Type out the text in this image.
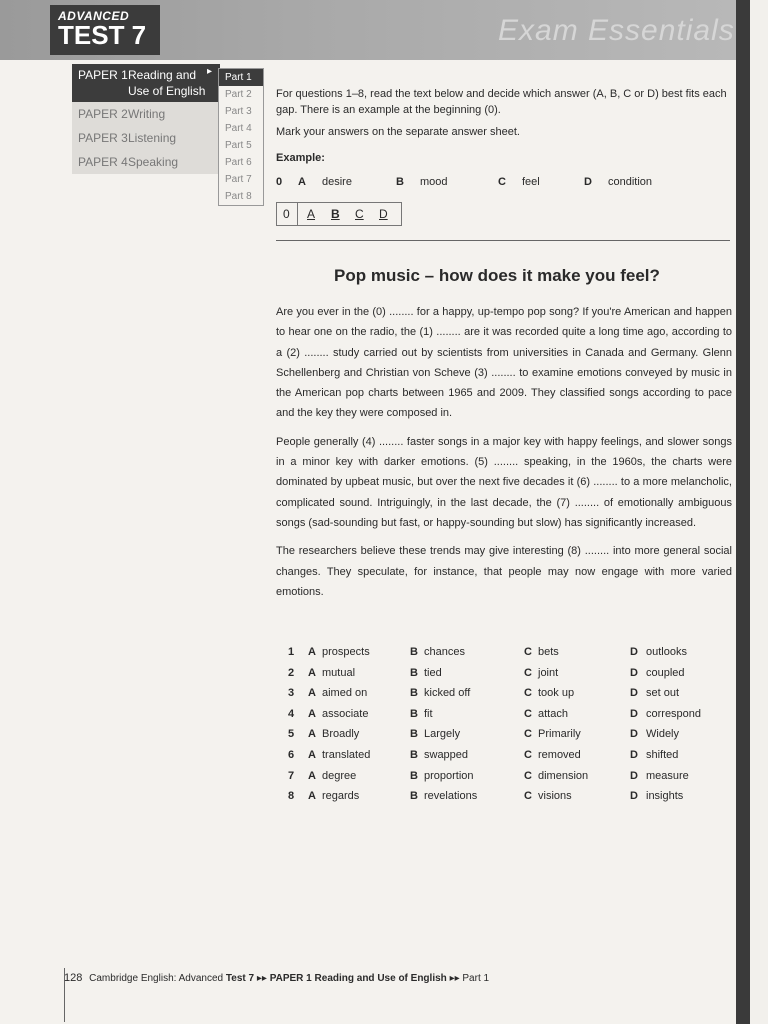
ADVANCED
TEST 7	Exam Essentials
PAPER 1Reading and Use of English
PAPER 2Writing
PAPER 3Listening
PAPER 4Speaking
▸
Part 1
Part 2
Part 3
Part 4
Part 5
Part 6
Part 7
Part 8

For questions 1–8, read the text below and decide which answer (A, B, C or D) best fits each gap. There is an example at the beginning (0).

Mark your answers on the separate answer sheet.

Example:
0 A desire	B mood	C feel	D condition
0 A B C D
Pop music – how does it make you feel?

Are you ever in the (0) ........ for a happy, up-tempo pop song? If you're American and happen to hear one on the radio, the (1) ........ are it was recorded quite a long time ago, according to a (2) ........ study carried out by scientists from universities in Canada and Germany. Glenn Schellenberg and Christian von Scheve (3) ........ to examine emotions conveyed by music in the American pop charts between 1965 and 2009. They classified songs according to pace and the key they were composed in.

People generally (4) ........ faster songs in a major key with happy feelings, and slower songs in a minor key with darker emotions. (5) ........ speaking, in the 1960s, the charts were dominated by upbeat music, but over the next five decades it (6) ........ to a more melancholic, complicated sound. Intriguingly, in the last decade, the (7) ........ of emotionally ambiguous songs (sad-sounding but fast, or happy-sounding but slow) has significantly increased.

The researchers believe these trends may give interesting (8) ........ into more general social changes. They speculate, for instance, that people may now engage with more varied emotions.

1 A prospects	B chances	C bets	D outlooks
2 A mutual	B tied	C joint	D coupled
3 A aimed on	B kicked off	C took up	D set out
4 A associate	B fit	C attach	D correspond
5 A Broadly	B Largely	C Primarily	D Widely
6 A translated	B swapped	C removed	D shifted
7 A degree	B proportion	C dimension	D measure
8 A regards	B revelations	C visions	D insights
128 Cambridge English: Advanced Test 7 ▸▸ PAPER 1 Reading and Use of English ▸▸ Part 1
